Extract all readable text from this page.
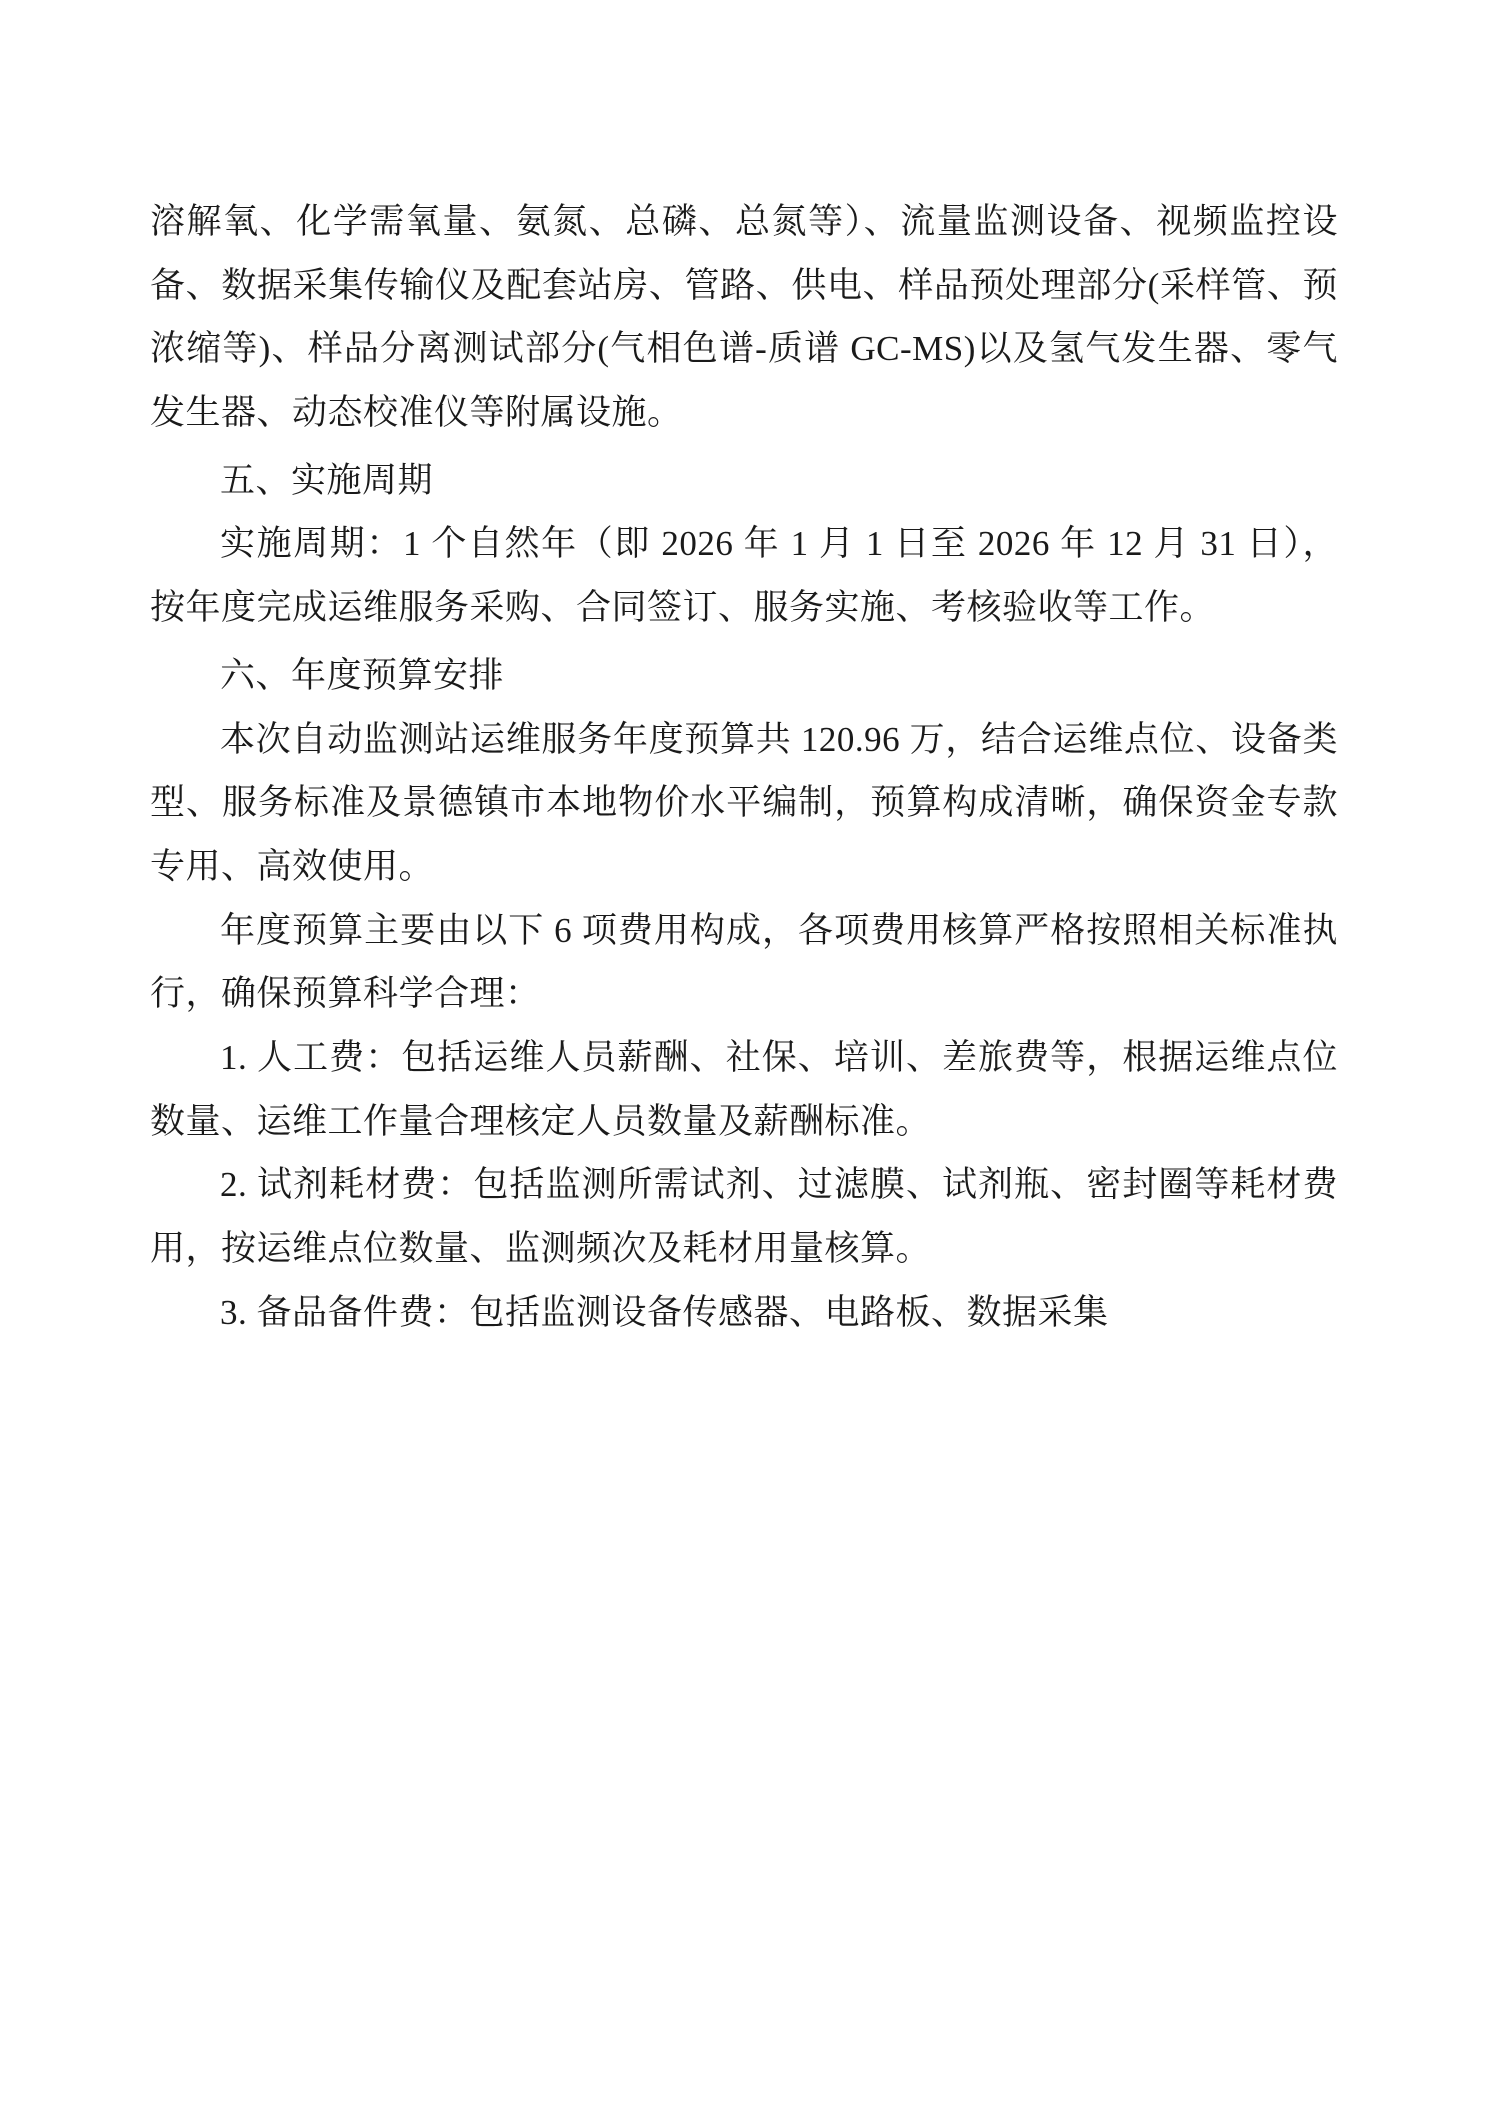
溶解氧、化学需氧量、氨氮、总磷、总氮等）、流量监测设备、视频监控设备、数据采集传输仪及配套站房、管路、供电、样品预处理部分(采样管、预浓缩等)、样品分离测试部分(气相色谱-质谱 GC-MS)以及氢气发生器、零气发生器、动态校准仪等附属设施。

五、实施周期

实施周期：1 个自然年（即 2026 年 1 月 1 日至 2026 年 12 月 31 日），按年度完成运维服务采购、合同签订、服务实施、考核验收等工作。

六、年度预算安排

本次自动监测站运维服务年度预算共 120.96 万，结合运维点位、设备类型、服务标准及景德镇市本地物价水平编制，预算构成清晰，确保资金专款专用、高效使用。

年度预算主要由以下 6 项费用构成，各项费用核算严格按照相关标准执行，确保预算科学合理：

1. 人工费：包括运维人员薪酬、社保、培训、差旅费等，根据运维点位数量、运维工作量合理核定人员数量及薪酬标准。

2. 试剂耗材费：包括监测所需试剂、过滤膜、试剂瓶、密封圈等耗材费用，按运维点位数量、监测频次及耗材用量核算。

3. 备品备件费：包括监测设备传感器、电路板、数据采集
